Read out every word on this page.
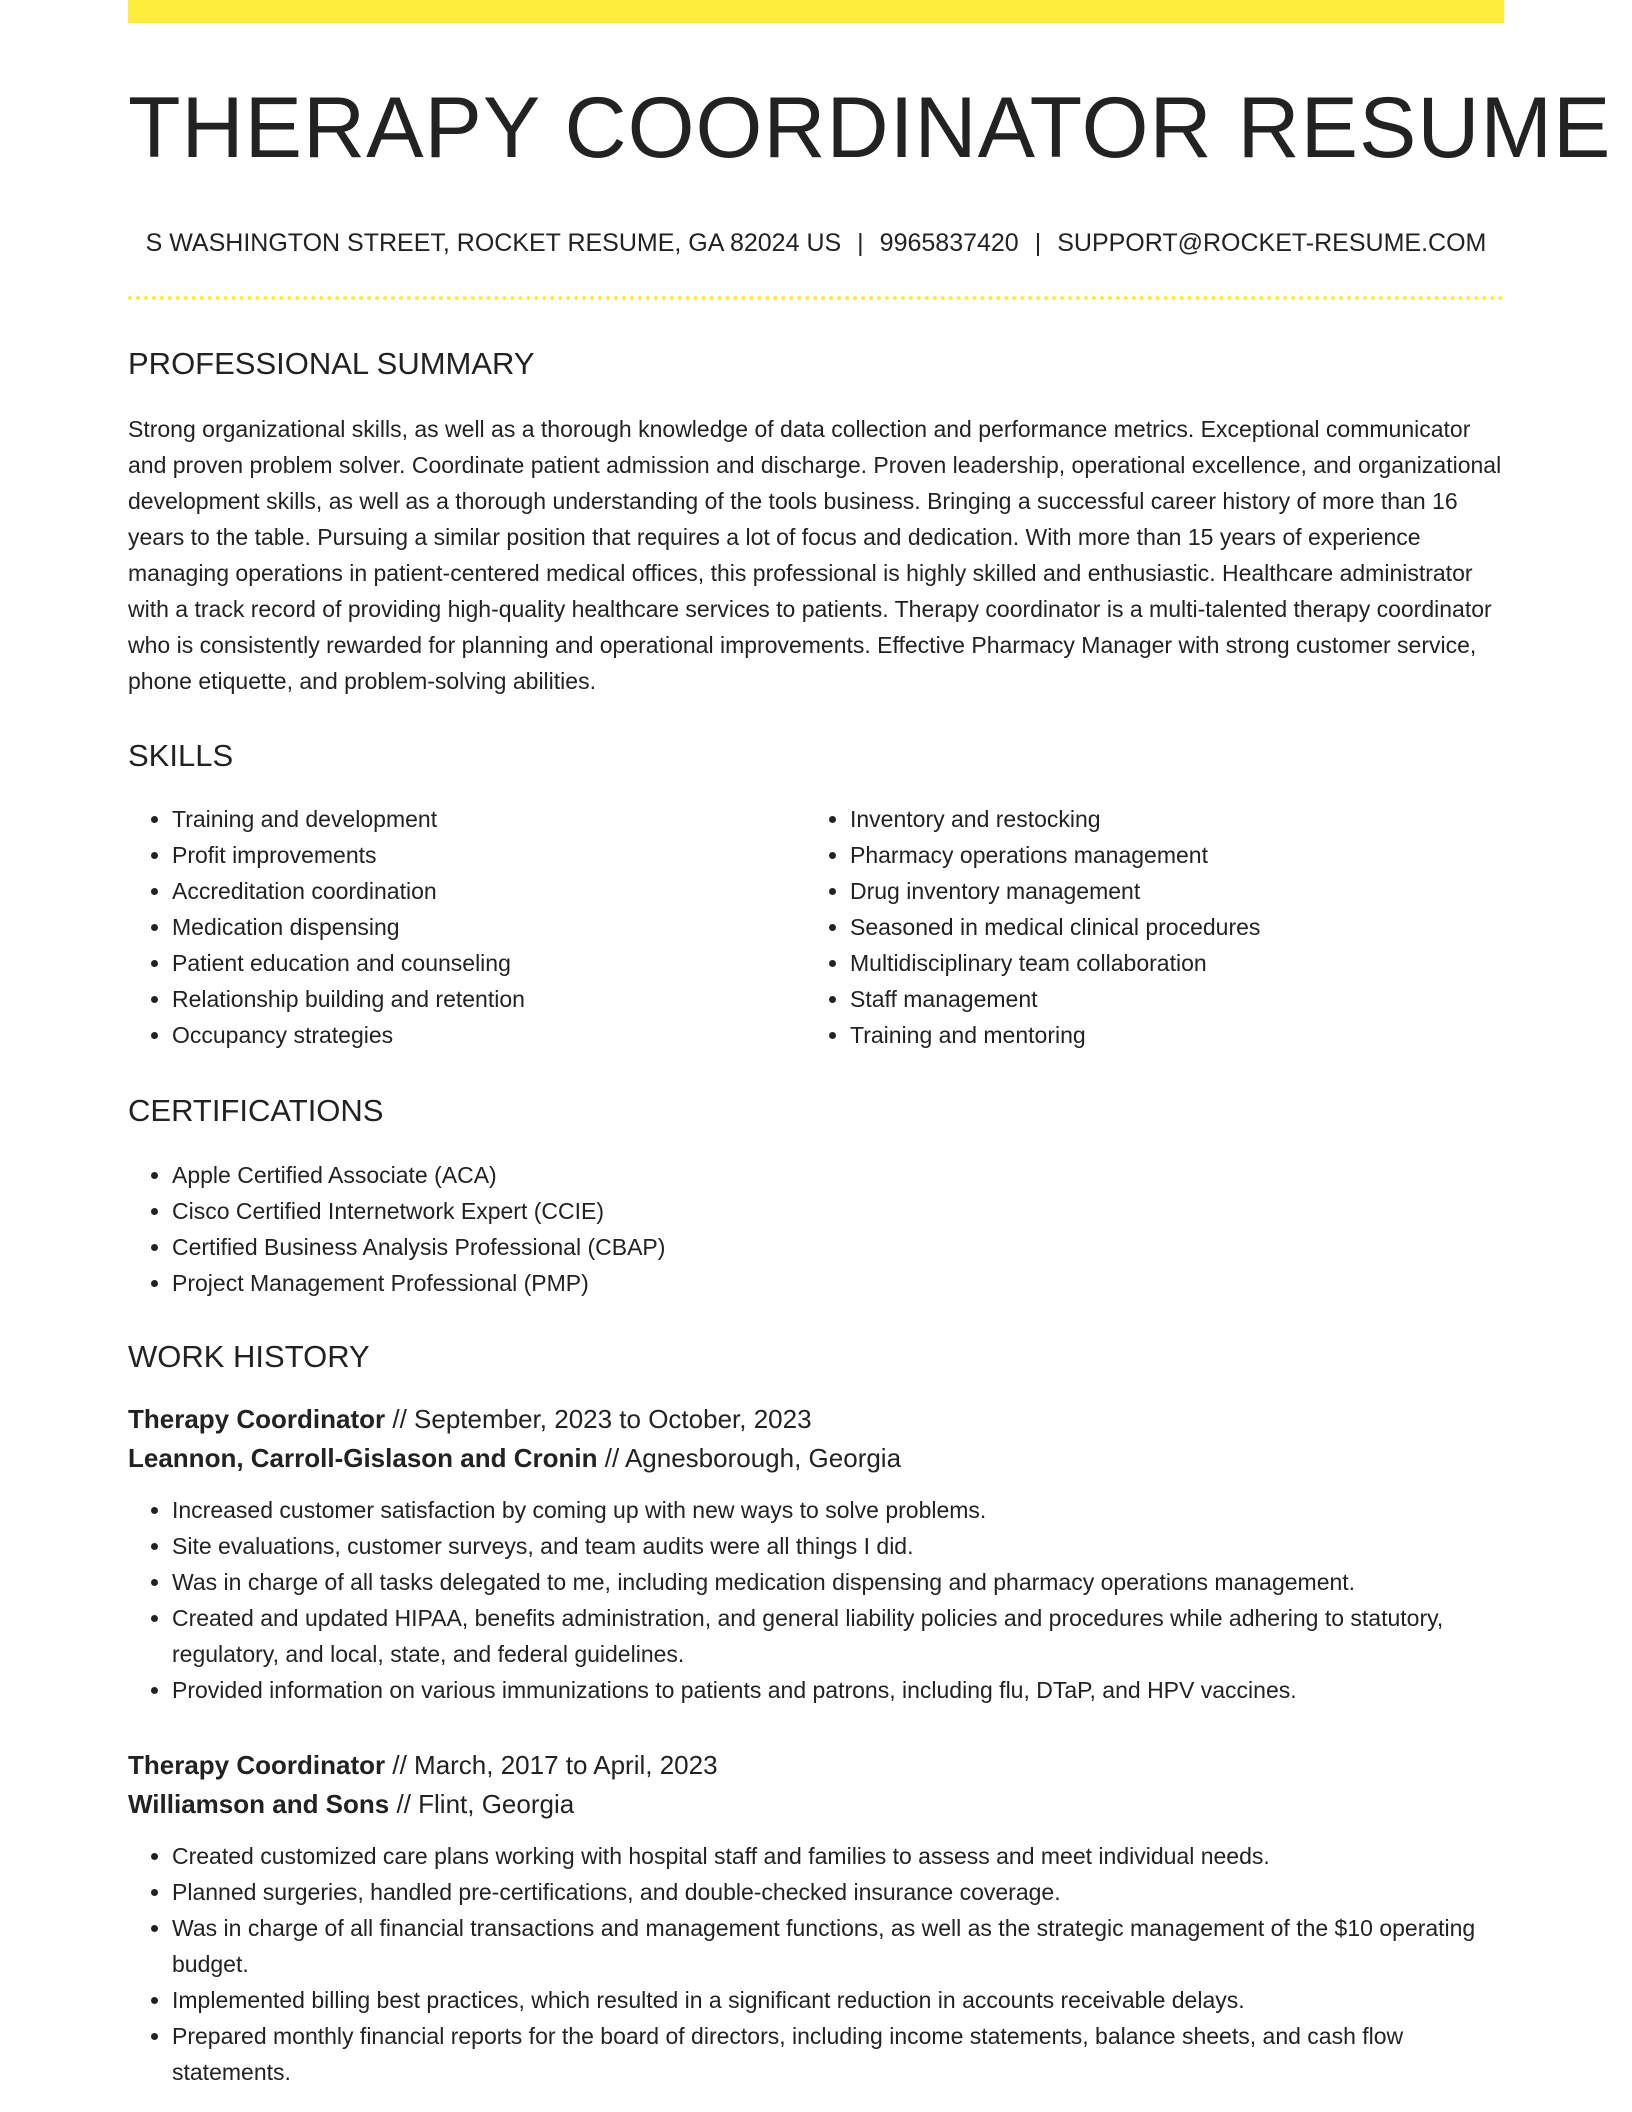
THERAPY COORDINATOR RESUME
S WASHINGTON STREET, ROCKET RESUME, GA 82024 US | 9965837420 | SUPPORT@ROCKET-RESUME.COM
PROFESSIONAL SUMMARY

Strong organizational skills, as well as a thorough knowledge of data collection and performance metrics. Exceptional communicator and proven problem solver. Coordinate patient admission and discharge. Proven leadership, operational excellence, and organizational development skills, as well as a thorough understanding of the tools business. Bringing a successful career history of more than 16 years to the table. Pursuing a similar position that requires a lot of focus and dedication. With more than 15 years of experience managing operations in patient-centered medical offices, this professional is highly skilled and enthusiastic. Healthcare administrator with a track record of providing high-quality healthcare services to patients. Therapy coordinator is a multi-talented therapy coordinator who is consistently rewarded for planning and operational improvements. Effective Pharmacy Manager with strong customer service, phone etiquette, and problem-solving abilities.

SKILLS
• Training and development
• Profit improvements
• Accreditation coordination
• Medication dispensing
• Patient education and counseling
• Relationship building and retention
• Occupancy strategies
• Inventory and restocking
• Pharmacy operations management
• Drug inventory management
• Seasoned in medical clinical procedures
• Multidisciplinary team collaboration
• Staff management
• Training and mentoring
CERTIFICATIONS
• Apple Certified Associate (ACA)
• Cisco Certified Internetwork Expert (CCIE)
• Certified Business Analysis Professional (CBAP)
• Project Management Professional (PMP)
WORK HISTORY
Therapy Coordinator // September, 2023 to October, 2023
Leannon, Carroll-Gislason and Cronin // Agnesborough, Georgia
• Increased customer satisfaction by coming up with new ways to solve problems.
• Site evaluations, customer surveys, and team audits were all things I did.
• Was in charge of all tasks delegated to me, including medication dispensing and pharmacy operations management.
• Created and updated HIPAA, benefits administration, and general liability policies and procedures while adhering to statutory, regulatory, and local, state, and federal guidelines.
• Provided information on various immunizations to patients and patrons, including flu, DTaP, and HPV vaccines.
Therapy Coordinator // March, 2017 to April, 2023
Williamson and Sons // Flint, Georgia
• Created customized care plans working with hospital staff and families to assess and meet individual needs.
• Planned surgeries, handled pre-certifications, and double-checked insurance coverage.
• Was in charge of all financial transactions and management functions, as well as the strategic management of the $10 operating budget.
• Implemented billing best practices, which resulted in a significant reduction in accounts receivable delays.
• Prepared monthly financial reports for the board of directors, including income statements, balance sheets, and cash flow statements.
